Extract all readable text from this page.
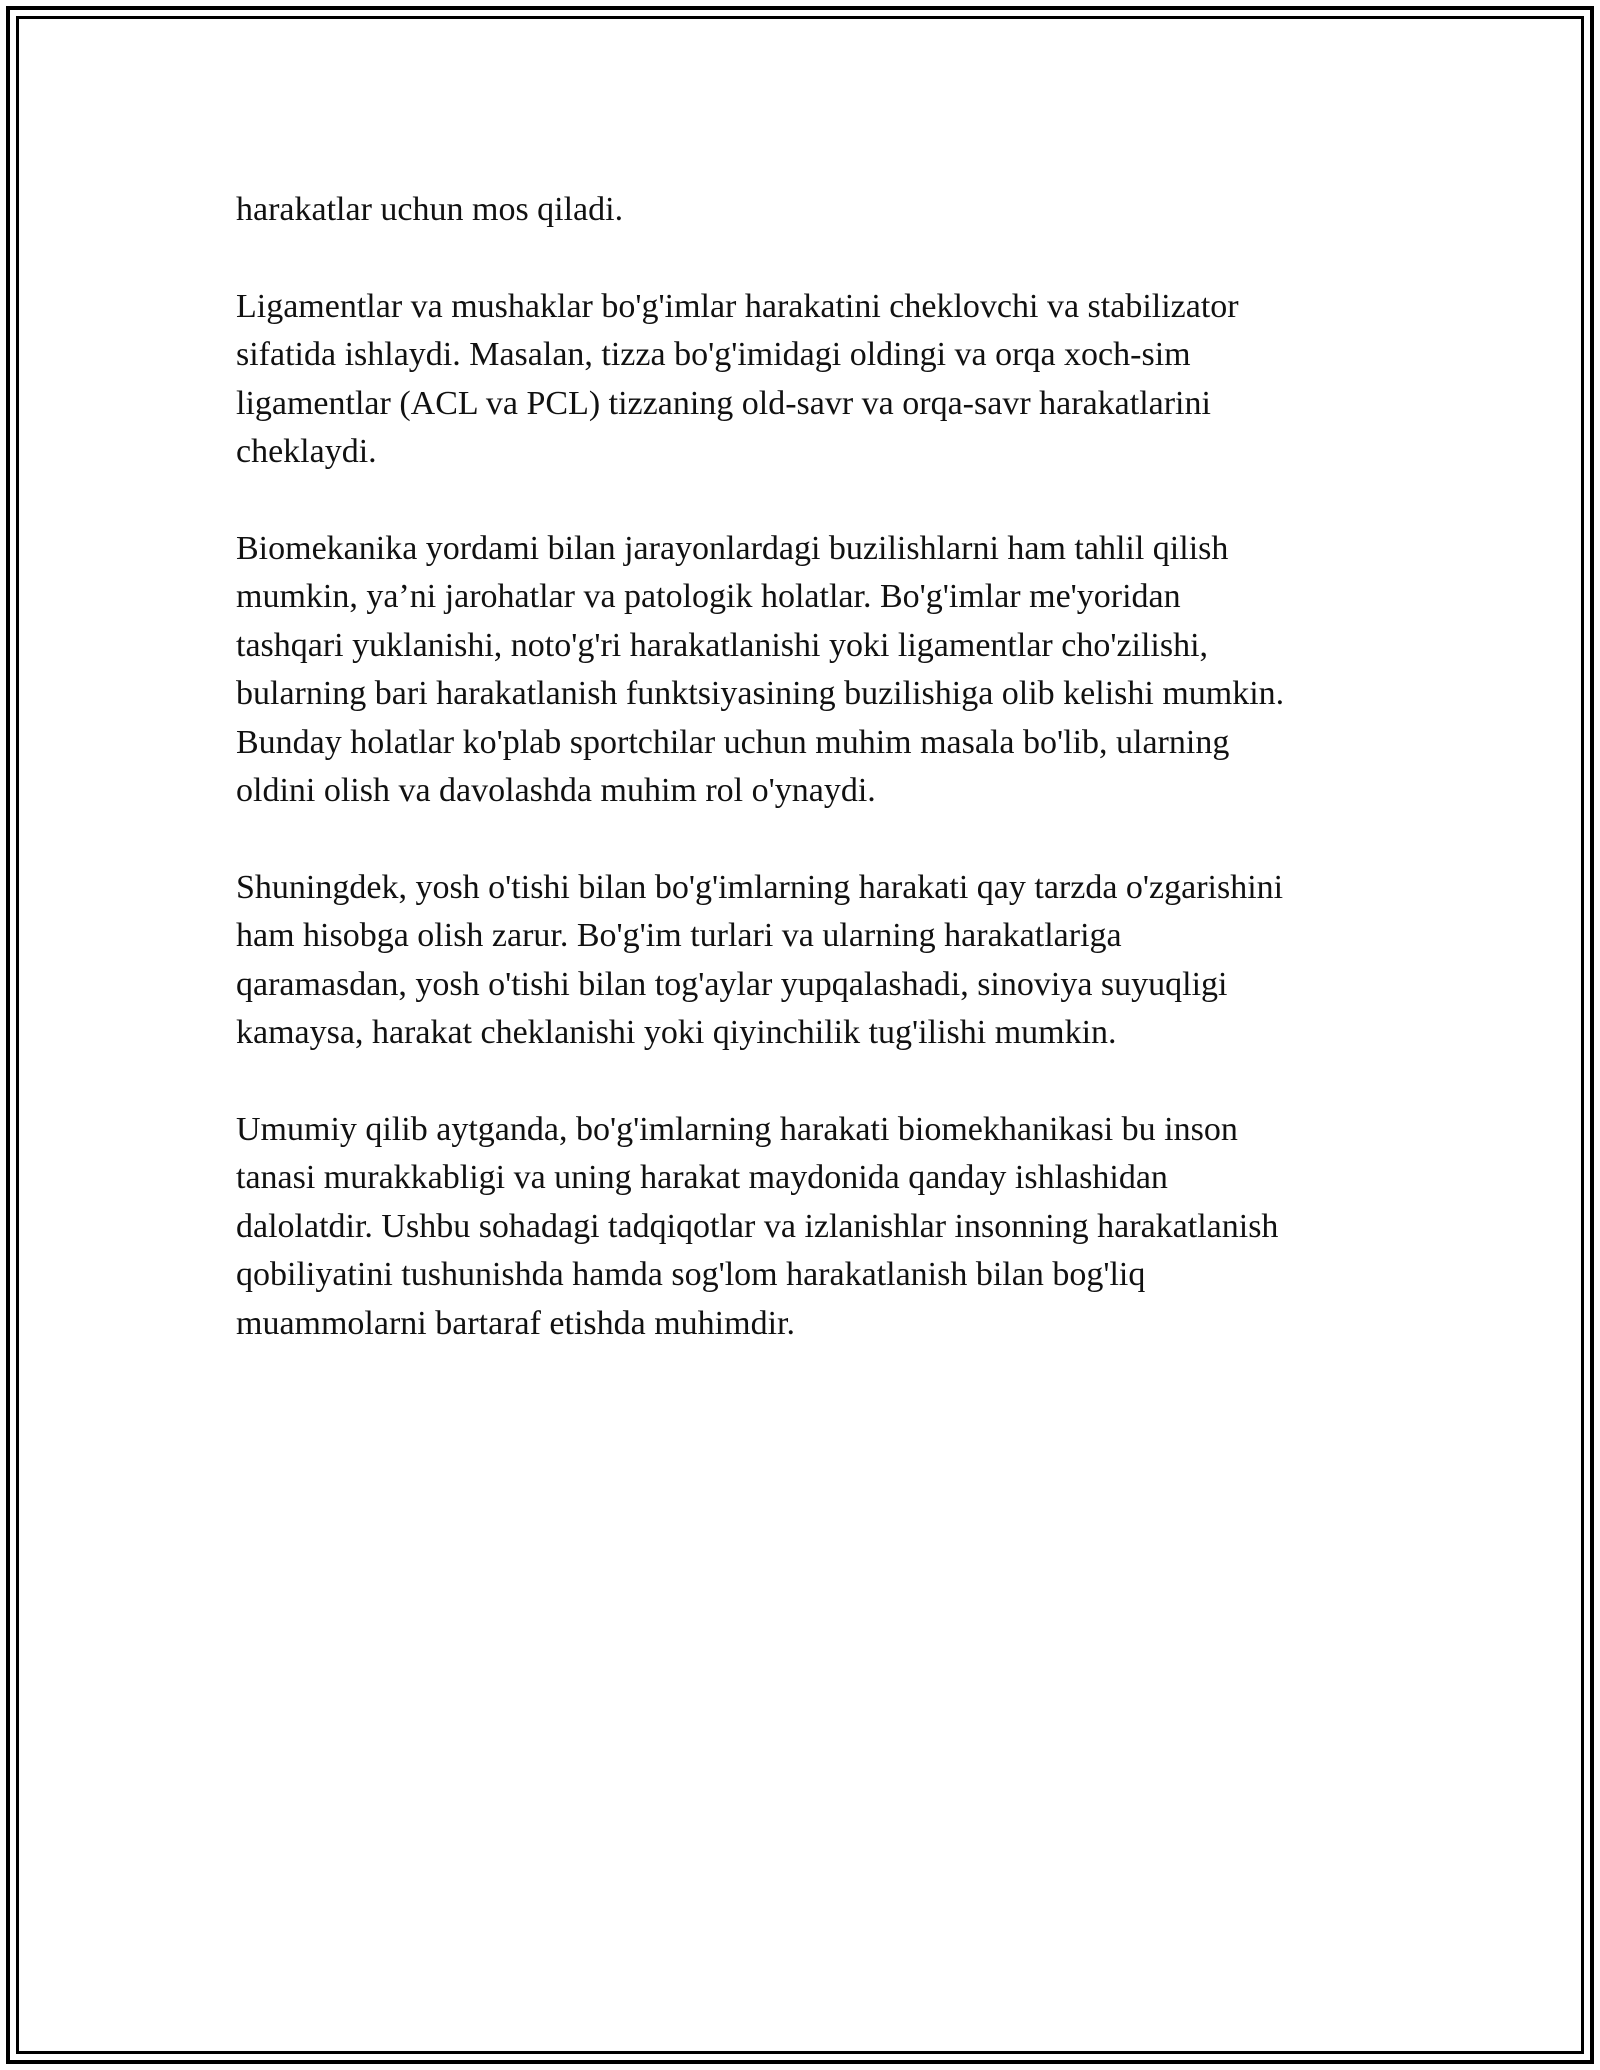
harakatlar uchun mos qiladi.

Ligamentlar va mushaklar bo'g'imlar harakatini cheklovchi va stabilizator
sifatida ishlaydi. Masalan, tizza bo'g'imidagi oldingi va orqa xoch-sim
ligamentlar (ACL va PCL) tizzaning old-savr va orqa-savr harakatlarini
cheklaydi.

Biomekanika yordami bilan jarayonlardagi buzilishlarni ham tahlil qilish
mumkin, ya’ni jarohatlar va patologik holatlar. Bo'g'imlar me'yoridan
tashqari yuklanishi, noto'g'ri harakatlanishi yoki ligamentlar cho'zilishi,
bularning bari harakatlanish funktsiyasining buzilishiga olib kelishi mumkin.
Bunday holatlar ko'plab sportchilar uchun muhim masala bo'lib, ularning
oldini olish va davolashda muhim rol o'ynaydi.

Shuningdek, yosh o'tishi bilan bo'g'imlarning harakati qay tarzda o'zgarishini
ham hisobga olish zarur. Bo'g'im turlari va ularning harakatlariga
qaramasdan, yosh o'tishi bilan tog'aylar yupqalashadi, sinoviya suyuqligi
kamaysa, harakat cheklanishi yoki qiyinchilik tug'ilishi mumkin.

Umumiy qilib aytganda, bo'g'imlarning harakati biomekhanikasi bu inson
tanasi murakkabligi va uning harakat maydonida qanday ishlashidan
dalolatdir. Ushbu sohadagi tadqiqotlar va izlanishlar insonning harakatlanish
qobiliyatini tushunishda hamda sog'lom harakatlanish bilan bog'liq
muammolarni bartaraf etishda muhimdir.
